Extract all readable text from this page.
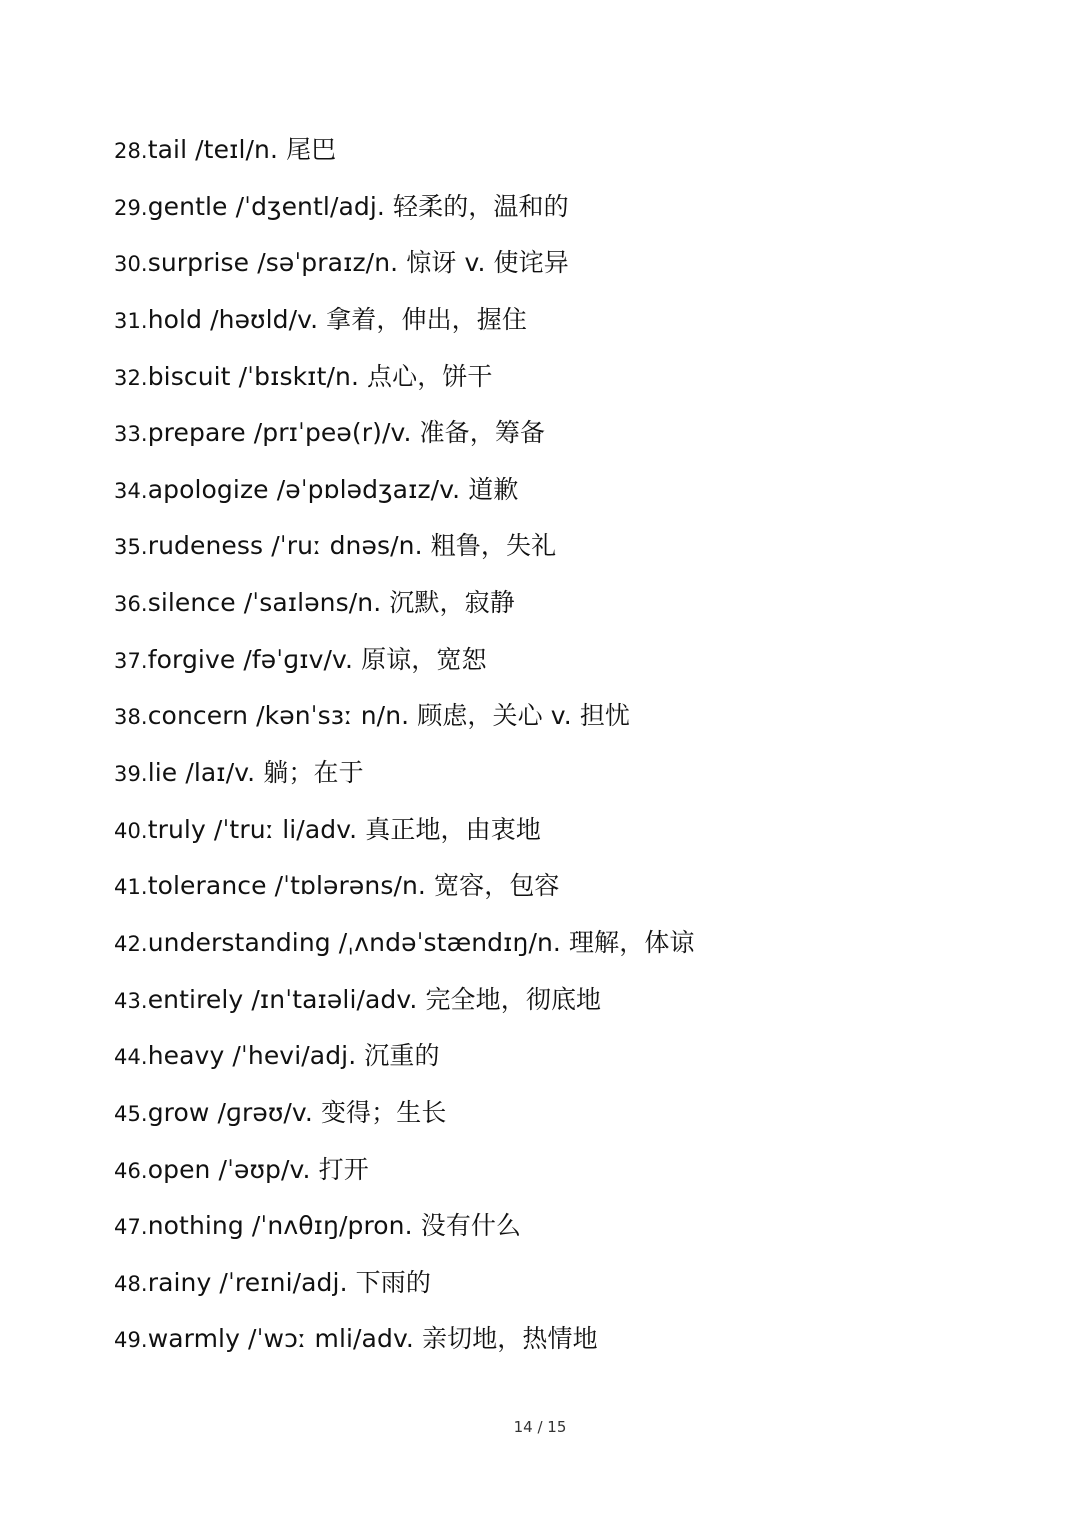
28.tail /teɪl/n. 尾巴
29.gentle /ˈdʒentl/adj. 轻柔的，温和的
30.surprise /səˈpraɪz/n. 惊讶 v. 使诧异
31.hold /həʊld/v. 拿着，伸出，握住
32.biscuit /ˈbɪskɪt/n. 点心，饼干
33.prepare /prɪˈpeə(r)/v. 准备，筹备
34.apologize /əˈpɒlədʒaɪz/v. 道歉
35.rudeness /ˈruː dnəs/n. 粗鲁，失礼
36.silence /ˈsaɪləns/n. 沉默，寂静
37.forgive /fəˈɡɪv/v. 原谅，宽恕
38.concern /kənˈsɜː n/n. 顾虑，关心 v. 担忧
39.lie /laɪ/v. 躺；在于
40.truly /ˈtruː li/adv. 真正地，由衷地
41.tolerance /ˈtɒlərəns/n. 宽容，包容
42.understanding /ˌʌndəˈstændɪŋ/n. 理解，体谅
43.entirely /ɪnˈtaɪəli/adv. 完全地，彻底地
44.heavy /ˈhevi/adj. 沉重的
45.grow /ɡrəʊ/v. 变得；生长
46.open /ˈəʊp/v. 打开
47.nothing /ˈnʌθɪŋ/pron. 没有什么
48.rainy /ˈreɪni/adj. 下雨的
49.warmly /ˈwɔː mli/adv. 亲切地，热情地
14 / 15
